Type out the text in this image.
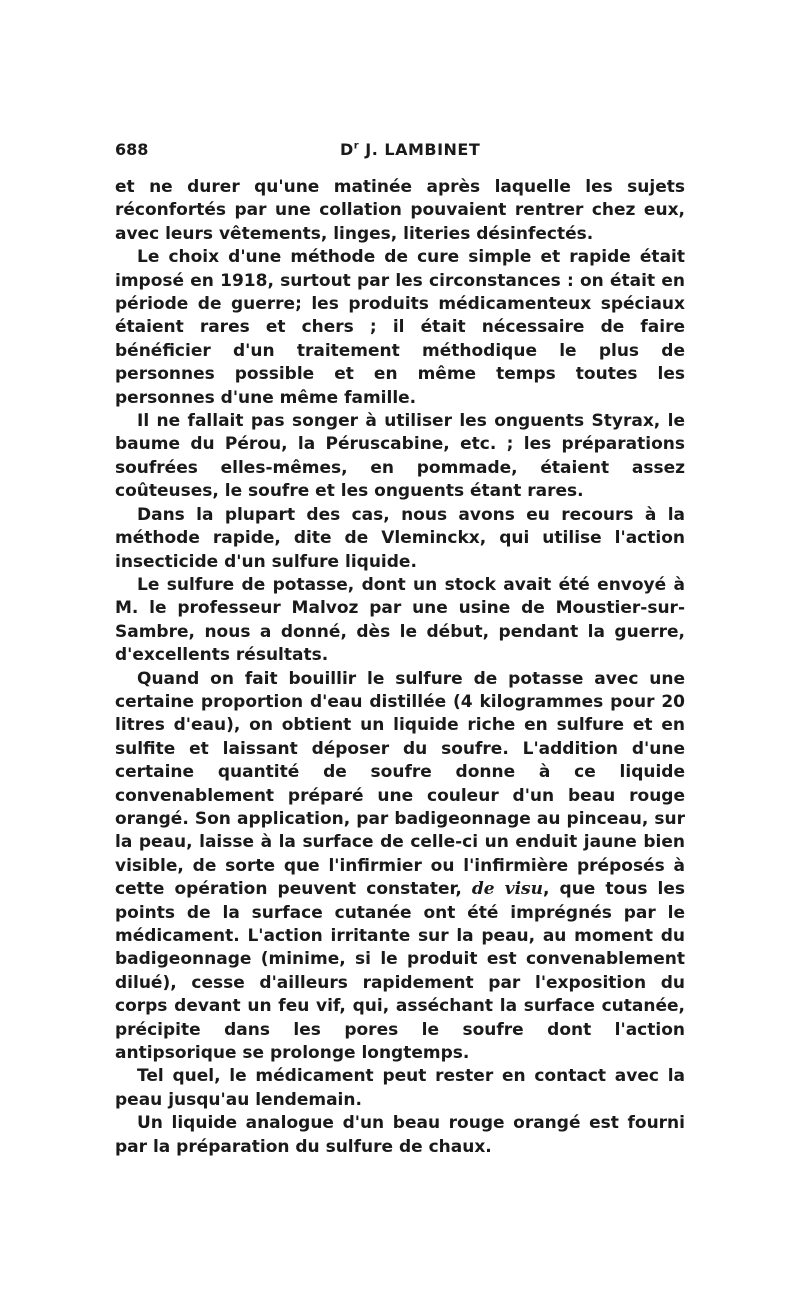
688	$D^r$ J. LAMBINET

et ne durer qu'une matinée après laquelle les sujets réconfortés par une collation pouvaient rentrer chez eux, avec leurs vêtements, linges, literies désinfectés.

Le choix d'une méthode de cure simple et rapide était imposé en 1918, surtout par les circonstances : on était en période de guerre; les produits médicamenteux spéciaux étaient rares et chers ; il était nécessaire de faire bénéficier d'un traitement méthodique le plus de personnes possible et en même temps toutes les personnes d'une même famille.

Il ne fallait pas songer à utiliser les onguents Styrax, le baume du Pérou, la Péruscabine, etc. ; les préparations soufrées elles-mêmes, en pommade, étaient assez coûteuses, le soufre et les onguents étant rares.

Dans la plupart des cas, nous avons eu recours à la méthode rapide, dite de Vleminckx, qui utilise l'action insecticide d'un sulfure liquide.

Le sulfure de potasse, dont un stock avait été envoyé à M. le professeur Malvoz par une usine de Moustier-sur-Sambre, nous a donné, dès le début, pendant la guerre, d'excellents résultats.

Quand on fait bouillir le sulfure de potasse avec une certaine proportion d'eau distillée (4 kilogrammes pour 20 litres d'eau), on obtient un liquide riche en sulfure et en sulfite et laissant déposer du soufre. L'addition d'une certaine quantité de soufre donne à ce liquide convenablement préparé une couleur d'un beau rouge orangé. Son application, par badigeonnage au pinceau, sur la peau, laisse à la surface de celle-ci un enduit jaune bien visible, de sorte que l'infirmier ou l'infirmière préposés à cette opération peuvent constater, de visu, que tous les points de la surface cutanée ont été imprégnés par le médicament. L'action irritante sur la peau, au moment du badigeonnage (minime, si le produit est convenablement dilué), cesse d'ailleurs rapidement par l'exposition du corps devant un feu vif, qui, asséchant la surface cutanée, précipite dans les pores le soufre dont l'action antipsorique se prolonge longtemps.

Tel quel, le médicament peut rester en contact avec la peau jusqu'au lendemain.

Un liquide analogue d'un beau rouge orangé est fourni par la préparation du sulfure de chaux.
